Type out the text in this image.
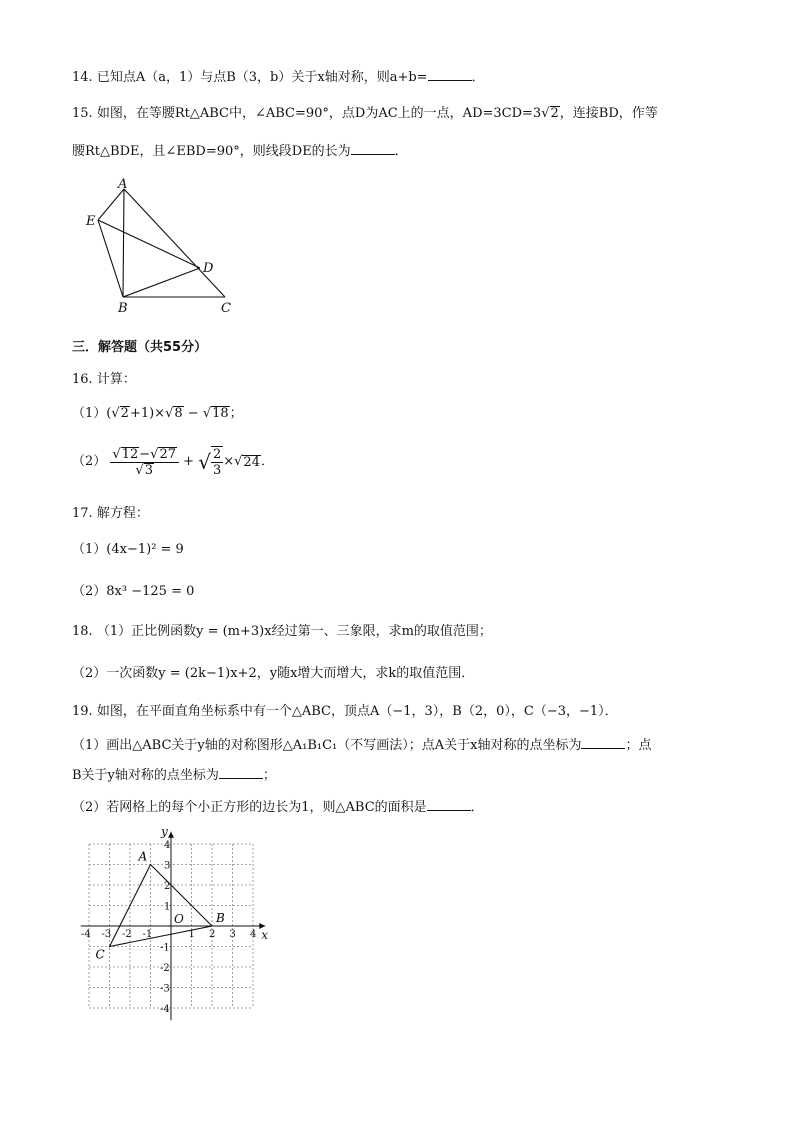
14. 已知点A（a，1）与点B（3，b）关于x轴对称，则a+b=	．
15. 如图，在等腰Rt△ABC中，∠ABC=90°，点D为AC上的一点，AD=3CD=3√2，连接BD，作等
腰Rt△BDE，且∠EBD=90°，则线段DE的长为	．
A
E
D
B	C
三．解答题（共55分）
16. 计算：
（1）(√2+1)×√8 − √18；
$(2) \frac{√12-√27}{√3}$ + √ $\frac{2}{3} \times√24$．
17. 解方程：
（1）(4x−1)² = 9
（2）8x³ −125 = 0
18. （1）正比例函数y = (m+3)x经过第一、三象限，求m的取值范围；
（2）一次函数y = (2k−1)x+2，y随x增大而增大，求k的取值范围．
19. 如图，在平面直角坐标系中有一个△ABC，顶点A（−1，3），B（2，0），C（−3，−1）．
（1）画出△ABC关于y轴的对称图形△A₁B₁C₁（不写画法）；点A关于x轴对称的点坐标为	；点
B关于y轴对称的点坐标为	；
（2）若网格上的每个小正方形的边长为1，则△ABC的面积是	．
-4 -3 -2 -1	1 2 3 4
4
3
2
1
-1
-2
-3
-4
x
y
O
A
B
C
